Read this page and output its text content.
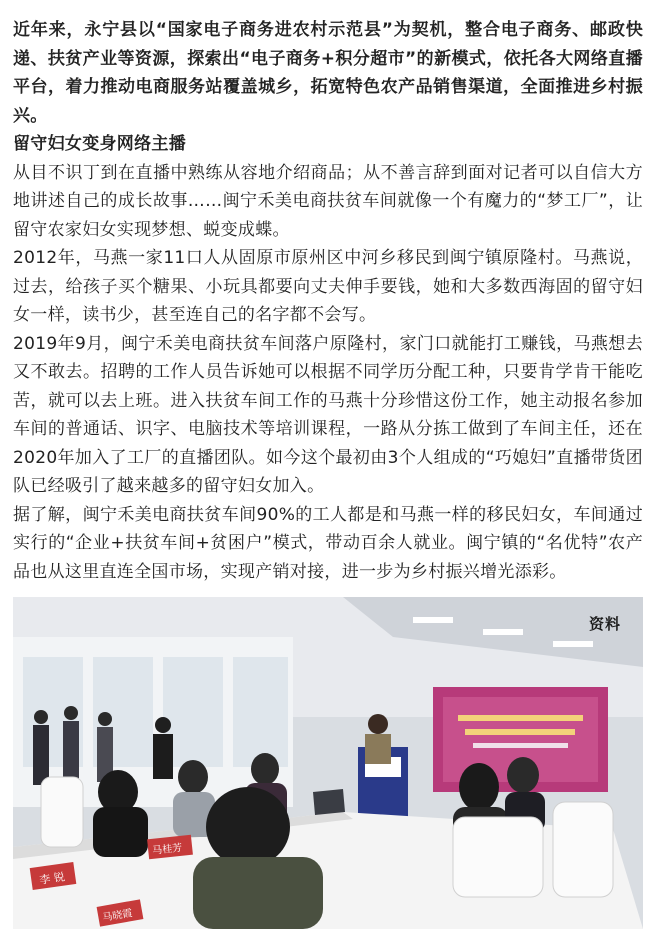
近年来，永宁县以“国家电子商务进农村示范县”为契机，整合电子商务、邮政快递、扶贫产业等资源，探索出“电子商务+积分超市”的新模式，依托各大网络直播平台，着力推动电商服务站覆盖城乡，拓宽特色农产品销售渠道，全面推进乡村振兴。

留守妇女变身网络主播

从目不识丁到在直播中熟练从容地介绍商品；从不善言辞到面对记者可以自信大方地讲述自己的成长故事……闽宁禾美电商扶贫车间就像一个有魔力的“梦工厂”，让留守农家妇女实现梦想、蜕变成蝶。

2012年，马燕一家11口人从固原市原州区中河乡移民到闽宁镇原隆村。马燕说，过去，给孩子买个糖果、小玩具都要向丈夫伸手要钱，她和大多数西海固的留守妇女一样，读书少，甚至连自己的名字都不会写。

2019年9月，闽宁禾美电商扶贫车间落户原隆村，家门口就能打工赚钱，马燕想去又不敢去。招聘的工作人员告诉她可以根据不同学历分配工种，只要肯学肯干能吃苦，就可以去上班。进入扶贫车间工作的马燕十分珍惜这份工作，她主动报名参加车间的普通话、识字、电脑技术等培训课程，一路从分拣工做到了车间主任，还在2020年加入了工厂的直播团队。如今这个最初由3个人组成的“巧媳妇”直播带货团队已经吸引了越来越多的留守妇女加入。

据了解，闽宁禾美电商扶贫车间90%的工人都是和马燕一样的移民妇女，车间通过实行的“企业+扶贫车间+贫困户”模式，带动百余人就业。闽宁镇的“名优特”农产品也从这里直连全国市场，实现产销对接，进一步为乡村振兴增光添彩。

李 锐
马桂芳
马晓霞
资料
